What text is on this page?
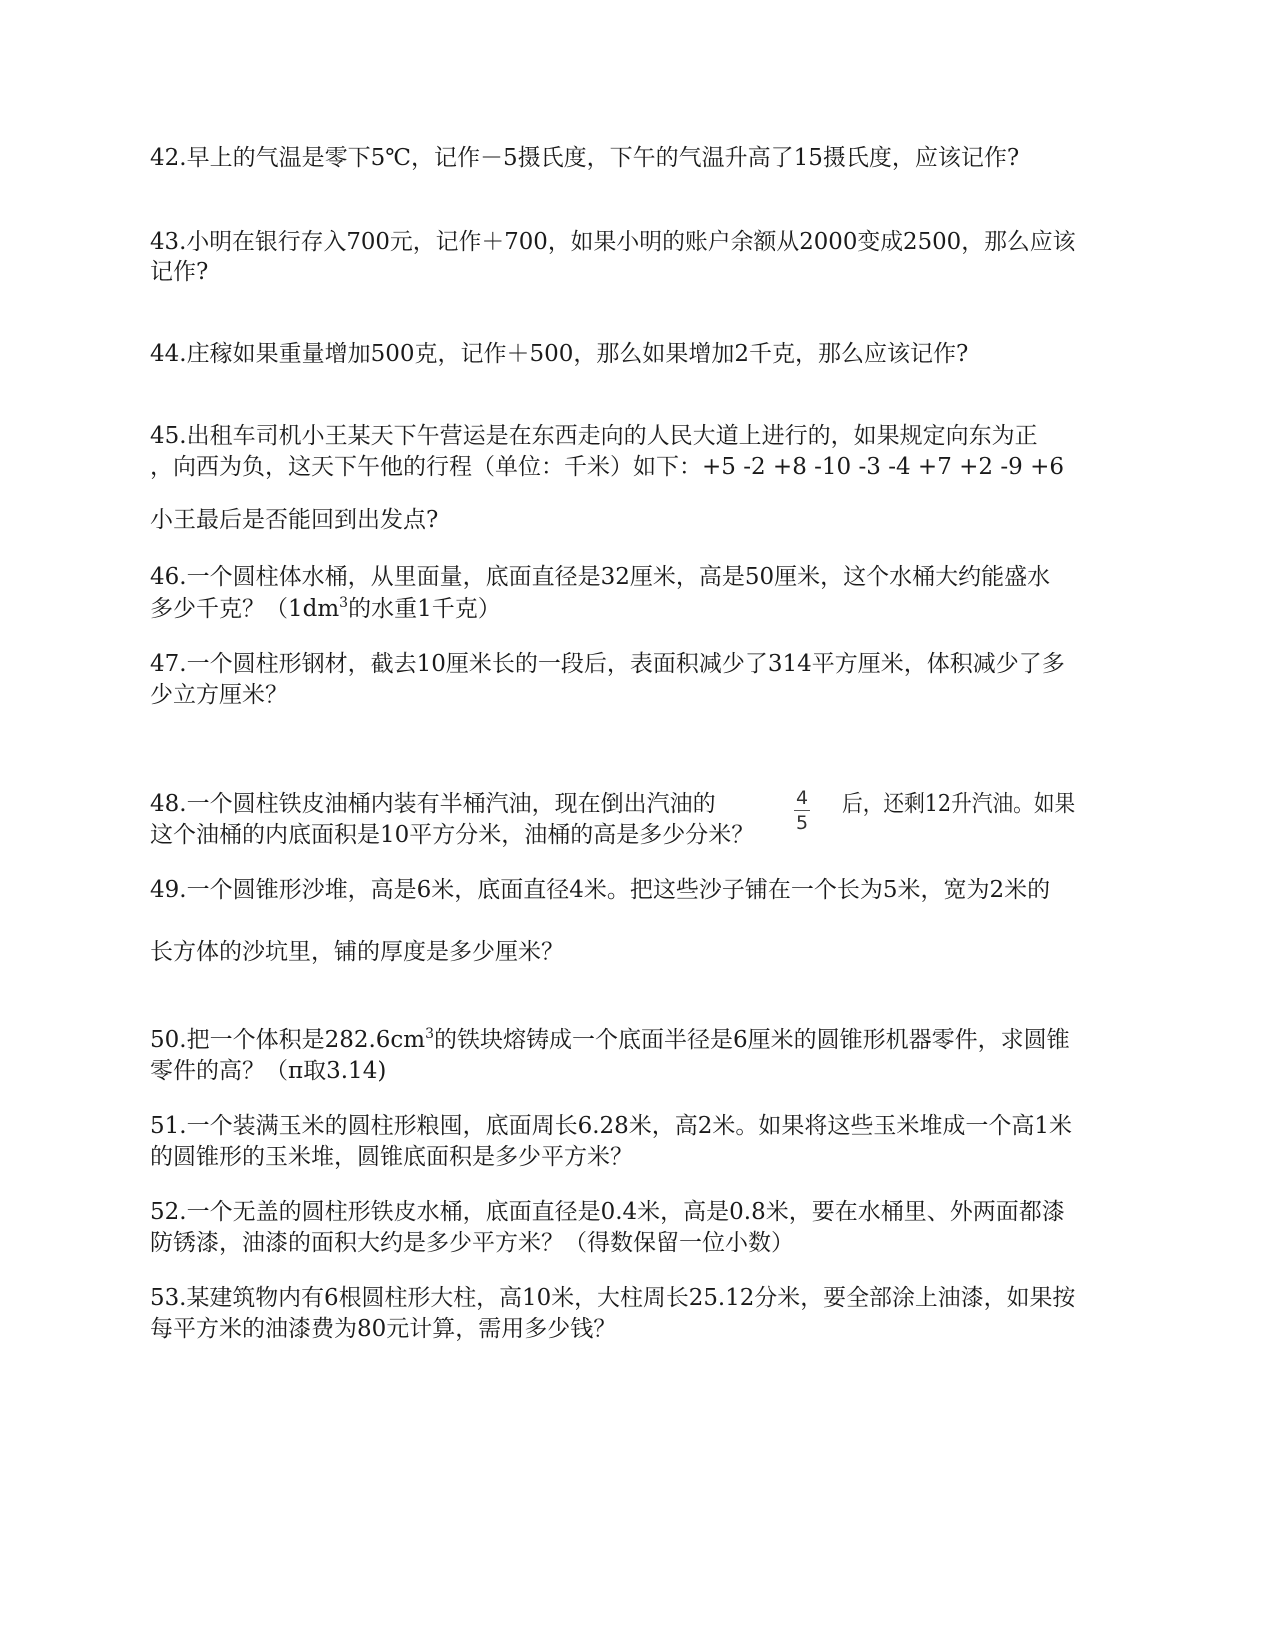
42.早上的气温是零下5℃，记作－5摄氏度，下午的气温升高了15摄氏度，应该记作?
43.小明在银行存入700元，记作＋700，如果小明的账户余额从2000变成2500，那么应该
记作?
44.庄稼如果重量增加500克，记作＋500，那么如果增加2千克，那么应该记作?
45.出租车司机小王某天下午营运是在东西走向的人民大道上进行的，如果规定向东为正
，向西为负，这天下午他的行程（单位：千米）如下：+5 -2 +8 -10 -3 -4 +7 +2 -9 +6
小王最后是否能回到出发点?
46.一个圆柱体水桶，从里面量，底面直径是32厘米，高是50厘米，这个水桶大约能盛水
多少千克？（$1dm^3$的水重1千克）
47.一个圆柱形钢材，截去10厘米长的一段后，表面积减少了314平方厘米，体积减少了多
少立方厘米？
48.一个圆柱铁皮油桶内装有半桶汽油，现在倒出汽油的	4
5
后，还剩12升汽油。如果
这个油桶的内底面积是10平方分米，油桶的高是多少分米？
49.一个圆锥形沙堆，高是6米，底面直径4米。把这些沙子铺在一个长为5米，宽为2米的
长方体的沙坑里，铺的厚度是多少厘米？
50.把一个体积是$282.6cm^3$的铁块熔铸成一个底面半径是6厘米的圆锥形机器零件，求圆锥
零件的高？（π取3.14)
51.一个装满玉米的圆柱形粮囤，底面周长6.28米，高2米。如果将这些玉米堆成一个高1米
的圆锥形的玉米堆，圆锥底面积是多少平方米？
52.一个无盖的圆柱形铁皮水桶，底面直径是0.4米，高是0.8米，要在水桶里、外两面都漆
防锈漆，油漆的面积大约是多少平方米？（得数保留一位小数）
53.某建筑物内有6根圆柱形大柱，高10米，大柱周长25.12分米，要全部涂上油漆，如果按
每平方米的油漆费为80元计算，需用多少钱？
